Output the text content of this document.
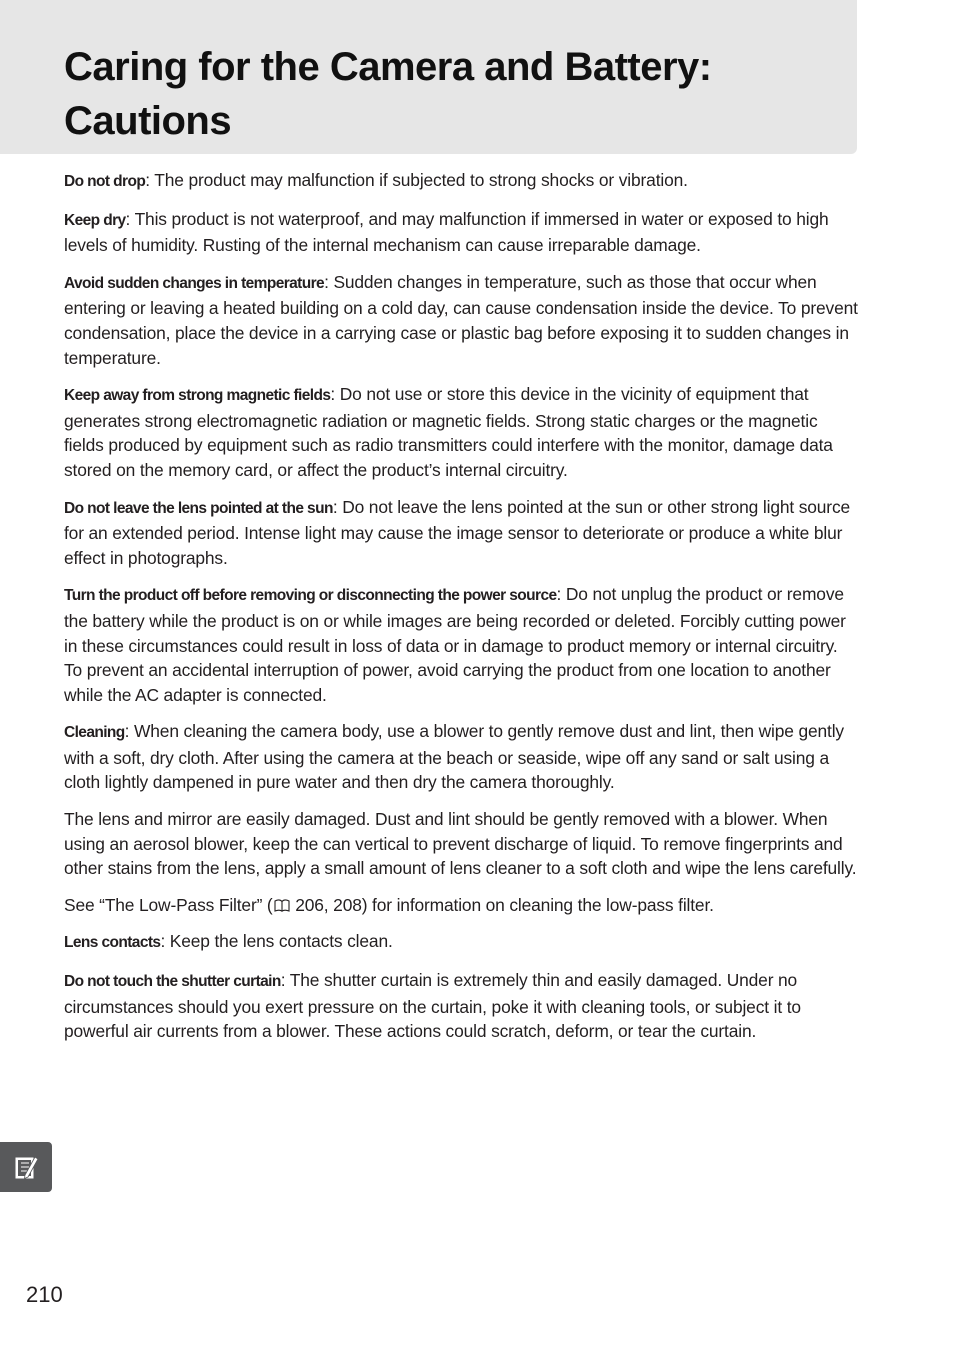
Caring for the Camera and Battery: Cautions

Do not drop: The product may malfunction if subjected to strong shocks or vibration.

Keep dry: This product is not waterproof, and may malfunction if immersed in water or exposed to high levels of humidity. Rusting of the internal mechanism can cause irreparable damage.

Avoid sudden changes in temperature: Sudden changes in temperature, such as those that occur when entering or leaving a heated building on a cold day, can cause condensation inside the device. To prevent condensation, place the device in a carrying case or plastic bag before exposing it to sudden changes in temperature.

Keep away from strong magnetic fields: Do not use or store this device in the vicinity of equipment that generates strong electromagnetic radiation or magnetic fields. Strong static charges or the magnetic fields produced by equipment such as radio transmitters could interfere with the monitor, damage data stored on the memory card, or affect the product’s internal circuitry.

Do not leave the lens pointed at the sun: Do not leave the lens pointed at the sun or other strong light source for an extended period. Intense light may cause the image sensor to deteriorate or produce a white blur effect in photographs.

Turn the product off before removing or disconnecting the power source: Do not unplug the product or remove the battery while the product is on or while images are being recorded or deleted. Forcibly cutting power in these circumstances could result in loss of data or in damage to product memory or internal circuitry. To prevent an accidental interruption of power, avoid carrying the product from one location to another while the AC adapter is connected.

Cleaning: When cleaning the camera body, use a blower to gently remove dust and lint, then wipe gently with a soft, dry cloth. After using the camera at the beach or seaside, wipe off any sand or salt using a cloth lightly dampened in pure water and then dry the camera thoroughly.

The lens and mirror are easily damaged. Dust and lint should be gently removed with a blower. When using an aerosol blower, keep the can vertical to prevent discharge of liquid. To remove fingerprints and other stains from the lens, apply a small amount of lens cleaner to a soft cloth and wipe the lens carefully.

See “The Low-Pass Filter” ( 206, 208) for information on cleaning the low-pass filter.

Lens contacts: Keep the lens contacts clean.

Do not touch the shutter curtain: The shutter curtain is extremely thin and easily damaged. Under no circumstances should you exert pressure on the curtain, poke it with cleaning tools, or subject it to powerful air currents from a blower. These actions could scratch, deform, or tear the curtain.

210
